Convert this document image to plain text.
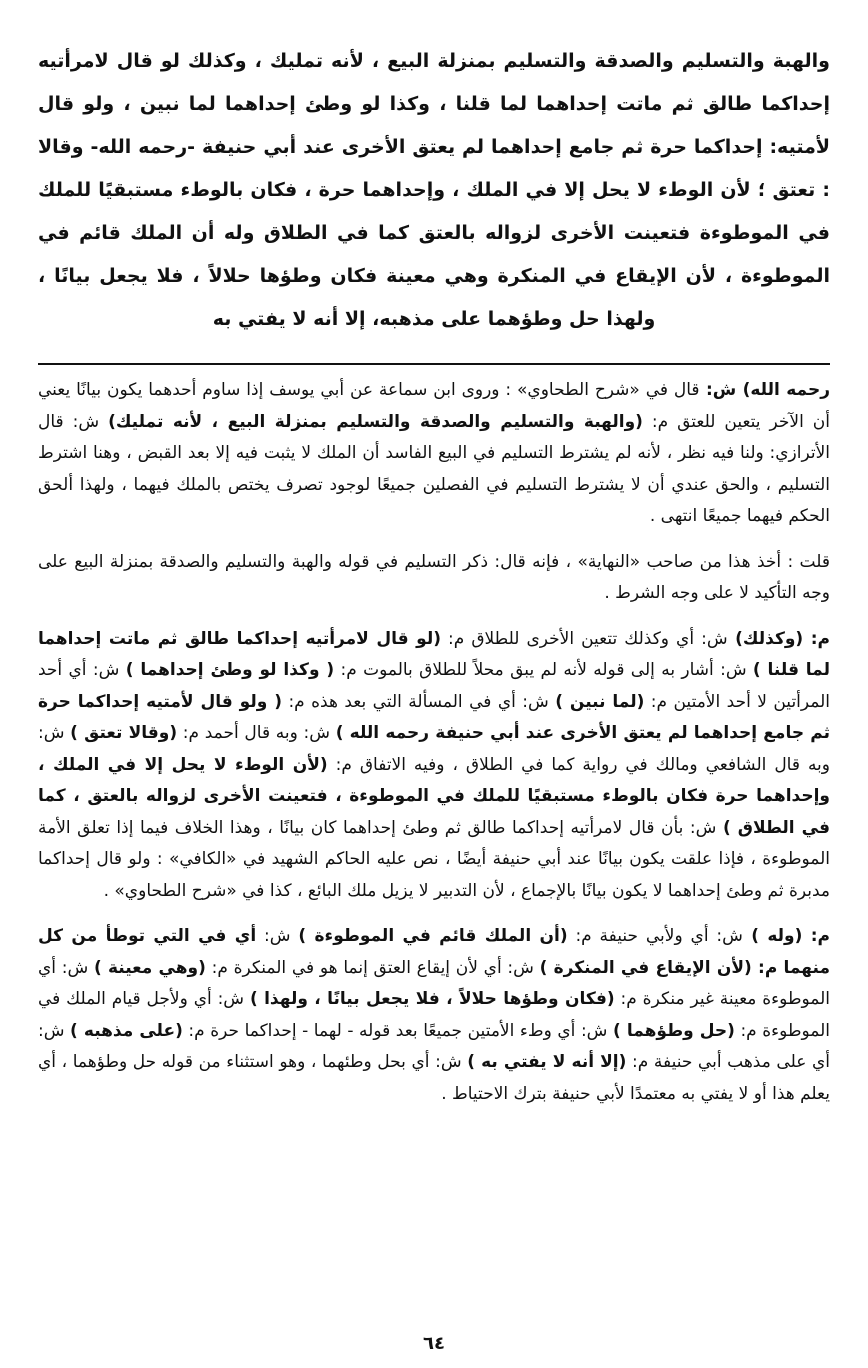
والهبة والتسليم والصدقة والتسليم بمنزلة البيع ، لأنه تمليك ، وكذلك لو قال لامرأتيه إحداكما طالق ثم ماتت إحداهما لما قلنا ، وكذا لو وطئ إحداهما لما نبين ، ولو قال لأمتيه: إحداكما حرة ثم جامع إحداهما لم يعتق الأخرى عند أبي حنيفة -رحمه الله- وقالا : تعتق ؛ لأن الوطء لا يحل إلا في الملك ، وإحداهما حرة ، فكان بالوطء مستبقيًا للملك في الموطوءة فتعينت الأخرى لزواله بالعتق كما في الطلاق وله أن الملك قائم في الموطوءة ، لأن الإيقاع في المنكرة وهي معينة فكان وطؤها حلالاً ، فلا يجعل بيانًا ، ولهذا حل وطؤهما على مذهبه، إلا أنه لا يفتي به

رحمه الله) ش: قال في «شرح الطحاوي» : وروى ابن سماعة عن أبي يوسف إذا ساوم أحدهما يكون بيانًا يعني أن الآخر يتعين للعتق م: (والهبة والتسليم والصدقة والتسليم بمنزلة البيع ، لأنه تمليك) ش: قال الأترازي: ولنا فيه نظر ، لأنه لم يشترط التسليم في البيع الفاسد أن الملك لا يثبت فيه إلا بعد القبض ، وهنا اشترط التسليم ، والحق عندي أن لا يشترط التسليم في الفصلين جميعًا لوجود تصرف يختص بالملك فيهما ، ولهذا ألحق الحكم فيهما جميعًا انتهى .

قلت : أخذ هذا من صاحب «النهاية» ، فإنه قال: ذكر التسليم في قوله والهبة والتسليم والصدقة بمنزلة البيع على وجه التأكيد لا على وجه الشرط .

م: (وكذلك) ش: أي وكذلك تتعين الأخرى للطلاق م: (لو قال لامرأتيه إحداكما طالق ثم ماتت إحداهما لما قلنا ) ش: أشار به إلى قوله لأنه لم يبق محلاً للطلاق بالموت م: ( وكذا لو وطئ إحداهما ) ش: أي أحد المرأتين لا أحد الأمتين م: (لما نبين ) ش: أي في المسألة التي بعد هذه م: ( ولو قال لأمتيه إحداكما حرة ثم جامع إحداهما لم يعتق الأخرى عند أبي حنيفة رحمه الله ) ش: وبه قال أحمد م: (وقالا تعتق ) ش: وبه قال الشافعي ومالك في رواية كما في الطلاق ، وفيه الاتفاق م: (لأن الوطء لا يحل إلا في الملك ، وإحداهما حرة فكان بالوطء مستبقيًا للملك في الموطوءة ، فتعينت الأخرى لزواله بالعتق ، كما في الطلاق ) ش: بأن قال لامرأتيه إحداكما طالق ثم وطئ إحداهما كان بيانًا ، وهذا الخلاف فيما إذا تعلق الأمة الموطوءة ، فإذا علقت يكون بيانًا عند أبي حنيفة أيضًا ، نص عليه الحاكم الشهيد في «الكافي» : ولو قال إحداكما مدبرة ثم وطئ إحداهما لا يكون بيانًا بالإجماع ، لأن التدبير لا يزيل ملك البائع ، كذا في «شرح الطحاوي» .

م: (وله ) ش: أي ولأبي حنيفة م: (أن الملك قائم في الموطوءة ) ش: أي في التي توطأ من كل منهما م: (لأن الإيقاع في المنكرة ) ش: أي لأن إيقاع العتق إنما هو في المنكرة م: (وهي معينة ) ش: أي الموطوءة معينة غير منكرة م: (فكان وطؤها حلالاً ، فلا يجعل بيانًا ، ولهذا ) ش: أي ولأجل قيام الملك في الموطوءة م: (حل وطؤهما ) ش: أي وطء الأمتين جميعًا بعد قوله - لهما - إحداكما حرة م: (على مذهبه ) ش: أي على مذهب أبي حنيفة م: (إلا أنه لا يفتي به ) ش: أي بحل وطئهما ، وهو استثناء من قوله حل وطؤهما ، أي يعلم هذا أو لا يفتي به معتمدًا لأبي حنيفة بترك الاحتياط .

٦٤
